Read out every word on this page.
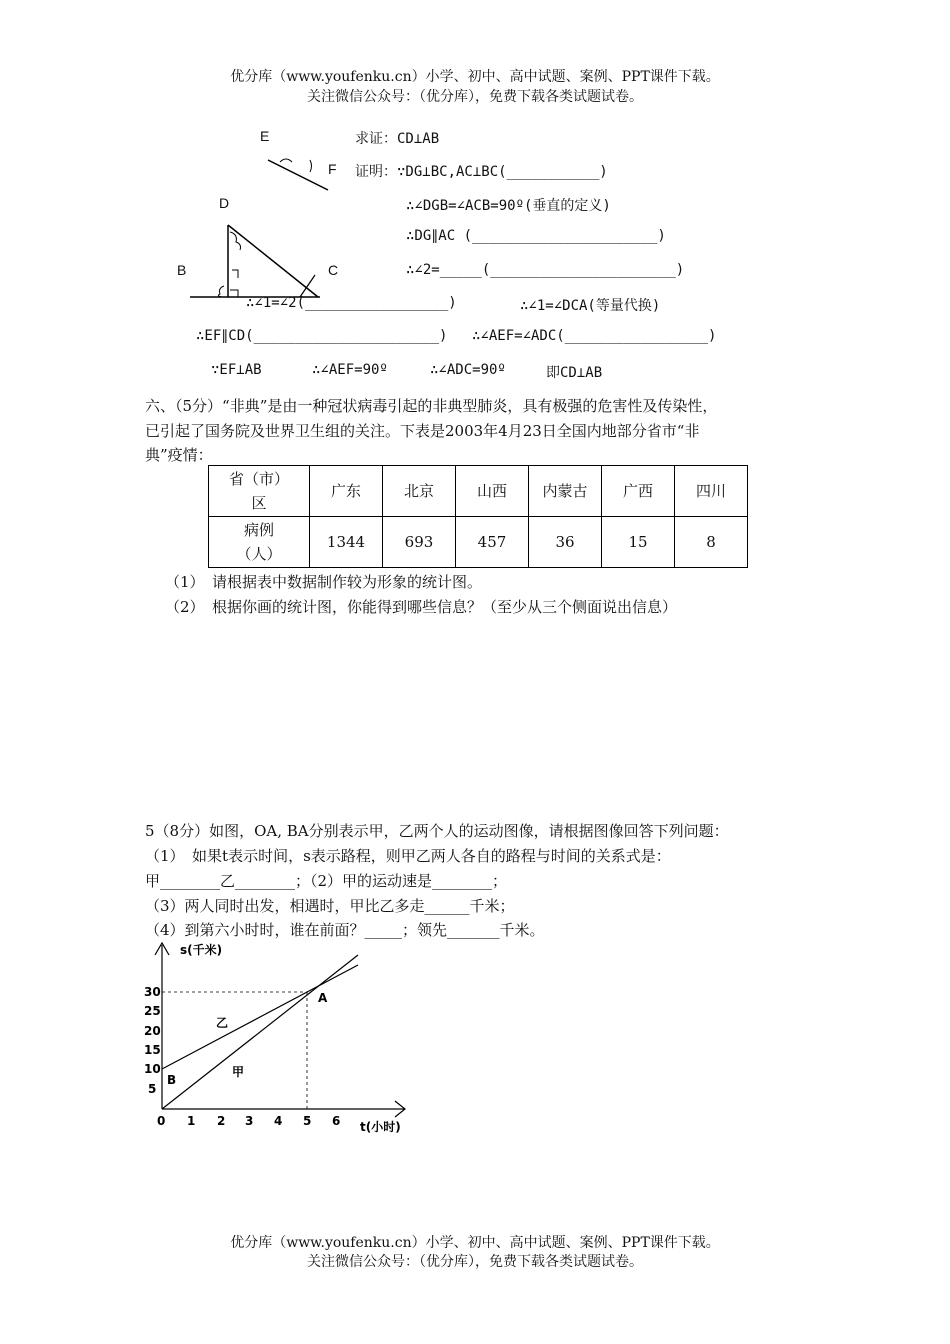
优分库（www.youfenku.cn）小学、初中、高中试题、案例、PPT课件下载。
关注微信公众号：（优分库），免费下载各类试题试卷。
E
F
D
B	C
求证：CD⊥AB
证明：∵DG⊥BC,AC⊥BC(___________)
∴∠DGB=∠ACB=90º(垂直的定义)
∴DG∥AC (______________________)
∴∠2=_____(______________________)
∴∠1=∠2(_________________)	∴∠1=∠DCA(等量代换)
∴EF∥CD(______________________) ∴∠AEF=∠ADC(_________________)
∵EF⊥AB	∴∠AEF=90º	∴∠ADC=90º	即CD⊥AB
六、（5分）“非典”是由一种冠状病毒引起的非典型肺炎，具有极强的危害性及传染性，
已引起了国务院及世界卫生组的关注。下表是2003年4月23日全国内地部分省市“非
典”疫情：
省（市）
区	广东	北京	山西	内蒙古	广西	四川
病例
（人）	1344	693	457	36	15	8
（1）　请根据表中数据制作较为形象的统计图。
（2）　根据你画的统计图，你能得到哪些信息？（至少从三个侧面说出信息）
5（8分）如图，OA, BA分别表示甲，乙两个人的运动图像，请根据图像回答下列问题：
（1）　如果t表示时间，s表示路程，则甲乙两人各自的路程与时间的关系式是：
甲________乙________；（2）甲的运动速是________；
（3）两人同时出发，相遇时，甲比乙多走______千米；
（4）到第六小时时，谁在前面？_____；领先_______千米。
s(千米)
t(小时)
30
25
20
15
10
5
0 1 2 3 4 5 6
A
B
乙
甲
优分库（www.youfenku.cn）小学、初中、高中试题、案例、PPT课件下载。
关注微信公众号：（优分库），免费下载各类试题试卷。
